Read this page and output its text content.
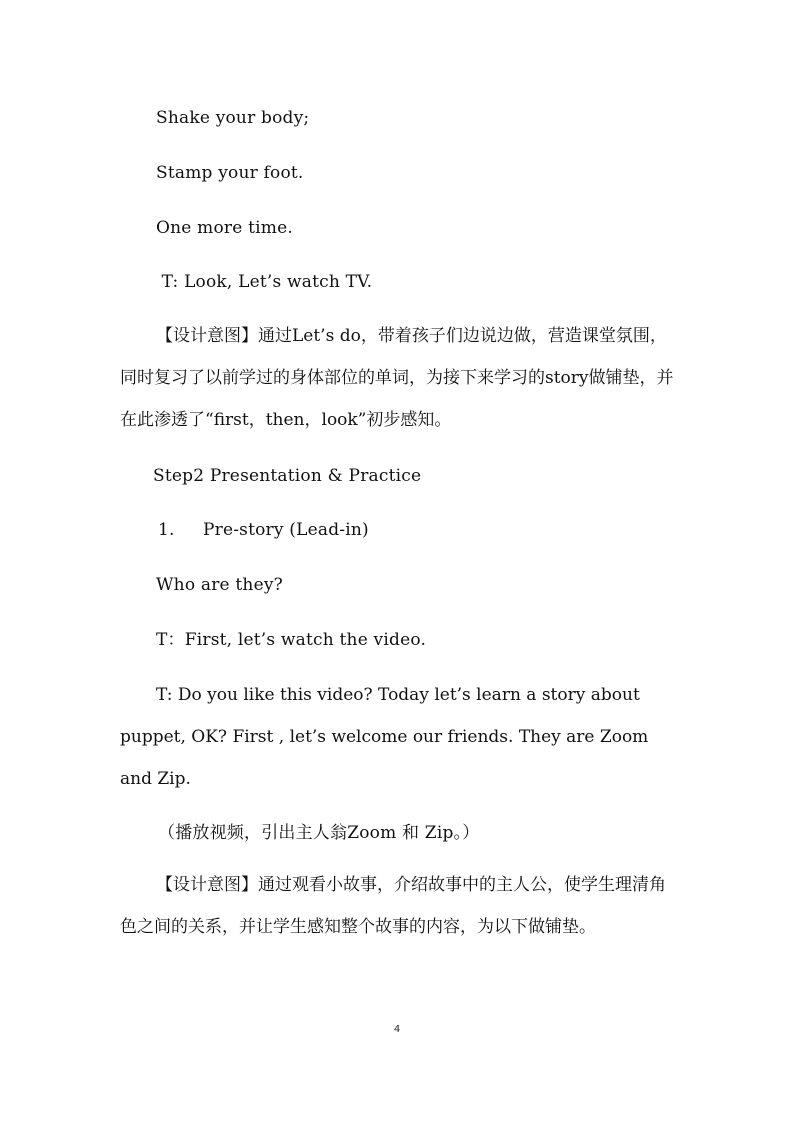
Shake your body;
Stamp your foot.
One more time.
T: Look, Let’s watch TV.
【设计意图】通过Let’s do，带着孩子们边说边做，营造课堂氛围，同时复习了以前学过的身体部位的单词，为接下来学习的story做铺垫，并在此渗透了“first，then，look”初步感知。
Step2 Presentation & Practice
1. Pre-story (Lead-in)
Who are they?
T：First, let’s watch the video.
T: Do you like this video? Today let’s learn a story about puppet, OK? First , let’s welcome our friends. They are Zoom and Zip.
（播放视频，引出主人翁Zoom 和 Zip。）
【设计意图】通过观看小故事，介绍故事中的主人公，使学生理清角色之间的关系，并让学生感知整个故事的内容，为以下做铺垫。
4
